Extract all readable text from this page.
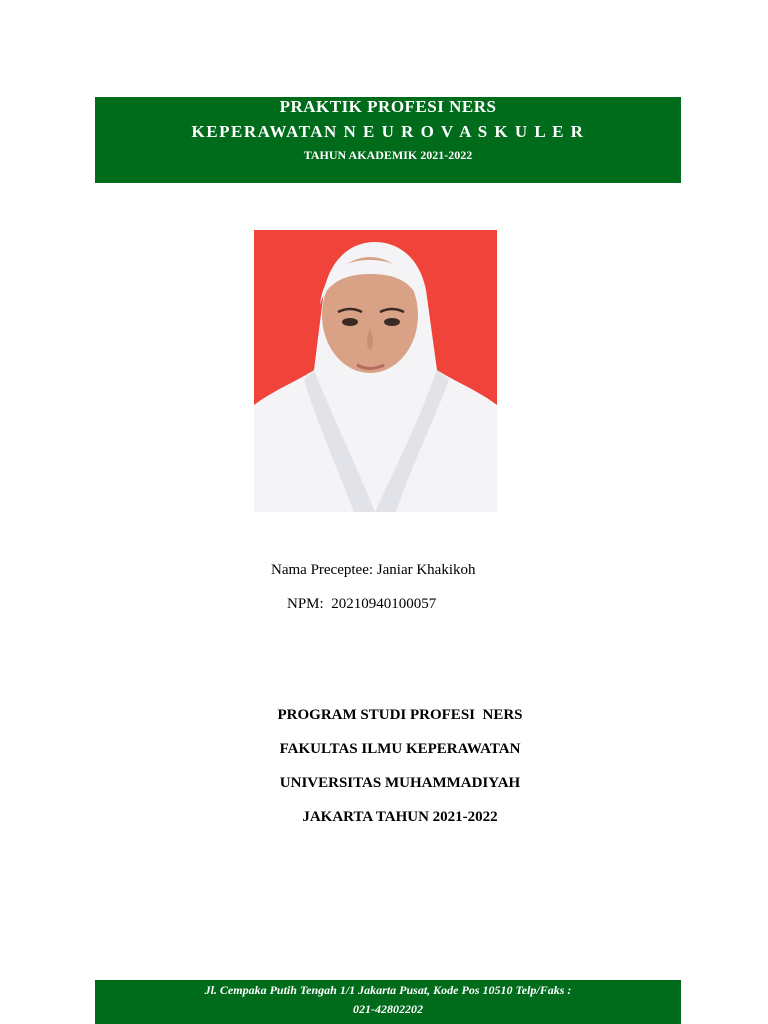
PRAKTIK PROFESI NERS
KEPERAWATAN N E U R O V A S K U L E R
TAHUN AKADEMIK 2021-2022
Nama Preceptee: Janiar Khakikoh
NPM:  20210940100057
PROGRAM STUDI PROFESI  NERS
FAKULTAS ILMU KEPERAWATAN
UNIVERSITAS MUHAMMADIYAH
JAKARTA TAHUN 2021-2022
Jl. Cempaka Putih Tengah 1/1 Jakarta Pusat, Kode Pos 10510 Telp/Faks :
021-42802202
